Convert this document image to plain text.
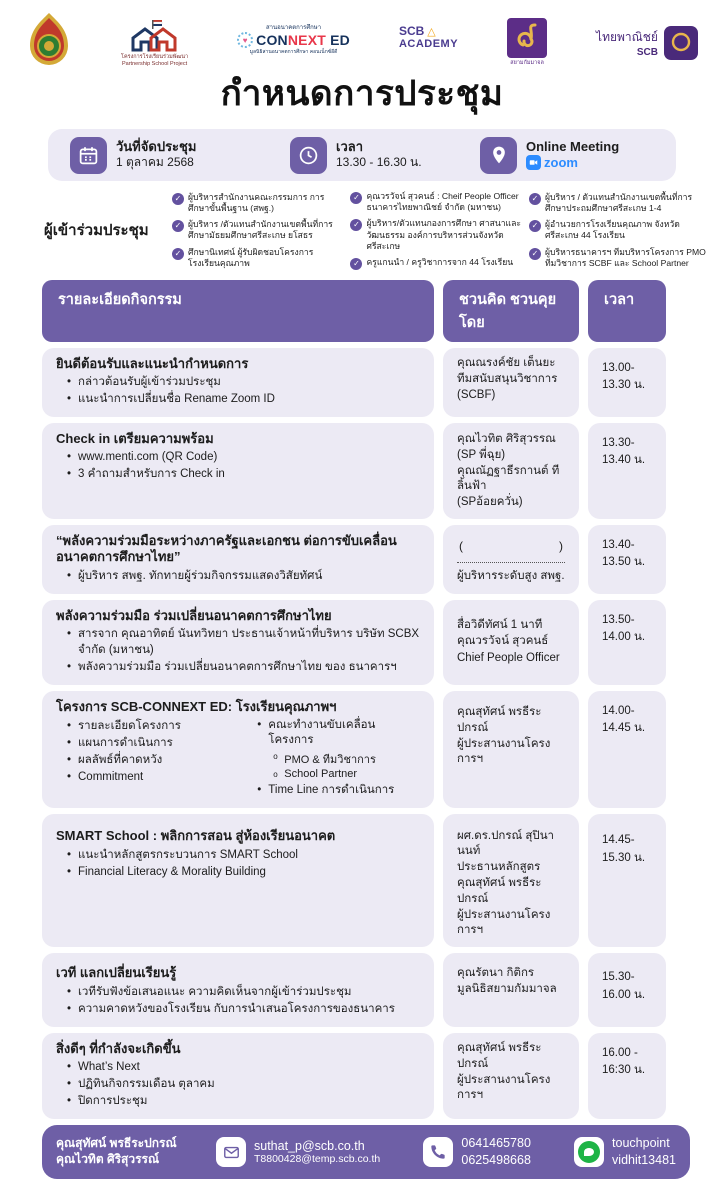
โครงการโรงเรียนร่วมพัฒนา
Partnership School Project
สานอนาคตการศึกษา
♥ CONNEXT ED
มูลนิธิสานอนาคตการศึกษา คอนเน็กซ์อีดี
SCB △
ACADEMY
สยามกัมมาจล
ไทยพาณิชย์
SCB
กำหนดการประชุม
วันที่จัดประชุม
1 ตุลาคม 2568
เวลา
13.30 - 16.30 น.
Online Meeting
zoom
ผู้เข้าร่วมประชุม
✓ ผู้บริหารสำนักงานคณะกรรมการ การศึกษาขั้นพื้นฐาน (สพฐ.)
✓ ผู้บริหาร /ตัวแทนสำนักงานเขตพื้นที่การศึกษามัธยมศึกษาศรีสะเกษ ยโสธร
✓ ศึกษานิเทศน์ ผู้รับผิดชอบโครงการ โรงเรียนคุณภาพ
✓ คุณวรวัจน์ สุวคนธ์ : Cheif People Officer ธนาคารไทยพาณิชย์ จำกัด (มหาชน)
✓ ผู้บริหาร/ตัวแทนกองการศึกษา ศาสนาและวัฒนธรรม องค์การบริหารส่วนจังหวัดศรีสะเกษ
✓ ครูแกนนำ / ครูวิชาการจาก 44 โรงเรียน
✓ ผู้บริหาร / ตัวแทนสำนักงานเขตพื้นที่การศึกษาประถมศึกษาศรีสะเกษ 1-4
✓ ผู้อำนวยการโรงเรียนคุณภาพ จังหวัดศรีสะเกษ 44 โรงเรียน
✓ ผู้บริหารธนาคารฯ ทีมบริหารโครงการ PMO ทีมวิชาการ SCBF และ School Partner
รายละเอียดกิจกรรม	ชวนคิด ชวนคุยโดย
เวลา
ยินดีต้อนรับและแนะนำกำหนดการ
• กล่าวต้อนรับผู้เข้าร่วมประชุม
• แนะนำการเปลี่ยนชื่อ Rename Zoom ID
คุณณรงค์ชัย เต็นยะ
ทีมสนับสนุนวิชาการ
(SCBF)
13.00-
13.30 น.
Check in เตรียมความพร้อม
• www.menti.com (QR Code)
• 3 คำถามสำหรับการ Check in
คุณไวทิต ศิริสุวรรณ
(SP พี่ฉุย)
คุณณัฏฐาธีรกานต์ ทีลิ้นฟ้า
(SPอ้อยควั่น)
13.30-
13.40 น.
“พลังความร่วมมือระหว่างภาครัฐและเอกชน ต่อการขับเคลื่อน อนาคตการศึกษาไทย”
• ผู้บริหาร สพฐ. ทักทายผู้ร่วมกิจกรรมแสดงวิสัยทัศน์
(	)
ผู้บริหารระดับสูง สพฐ.
13.40-
13.50 น.
พลังความร่วมมือ ร่วมเปลี่ยนอนาคตการศึกษาไทย
• สารจาก คุณอาทิตย์ นันทวิทยา ประธานเจ้าหน้าที่บริหาร บริษัท SCBX จำกัด (มหาชน)
• พลังความร่วมมือ ร่วมเปลี่ยนอนาคตการศึกษาไทย ของ ธนาคารฯ
สื่อวิดีทัศน์ 1 นาที
คุณวรวัจน์ สุวคนธ์
Chief People Officer
13.50-
14.00 น.
โครงการ SCB-CONNEXT ED: โรงเรียนคุณภาพฯ
• รายละเอียดโครงการ
• แผนการดำเนินการ
• ผลลัพธ์ที่คาดหวัง
• Commitment
• คณะทำงานขับเคลื่อนโครงการ
o PMO & ทีมวิชาการ
o School Partner
• Time Line การดำเนินการ
คุณสุทัศน์ พรธีระปกรณ์
ผู้ประสานงานโครงการฯ
14.00-
14.45 น.
SMART School : พลิกการสอน สู่ห้องเรียนอนาคต
• แนะนำหลักสูตรกระบวนการ SMART School
• Financial Literacy & Morality Building
ผศ.ดร.ปกรณ์ สุปินานนท์
ประธานหลักสูตร
คุณสุทัศน์ พรธีระปกรณ์
ผู้ประสานงานโครงการฯ
14.45-
15.30 น.
เวที แลกเปลี่ยนเรียนรู้
• เวทีรับฟังข้อเสนอแนะ ความคิดเห็นจากผู้เข้าร่วมประชุม
• ความคาดหวังของโรงเรียน กับการนำเสนอโครงการของธนาคาร
คุณรัตนา กิติกร
มูลนิธิสยามกัมมาจล
15.30-
16.00 น.
สิ่งดีๆ ที่กำลังจะเกิดขึ้น
• What’s Next
• ปฏิทินกิจกรรมเดือน ตุลาคม
• ปิดการประชุม
คุณสุทัศน์ พรธีระปกรณ์
ผู้ประสานงานโครงการฯ
16.00 -
16:30 น.
คุณสุทัศน์ พรธีระปกรณ์
คุณไวทิต ศิริสุวรรณ์
suthat_p@scb.co.th
T8800428@temp.scb.co.th
0641465780
0625498668
touchpoint
vidhit13481
